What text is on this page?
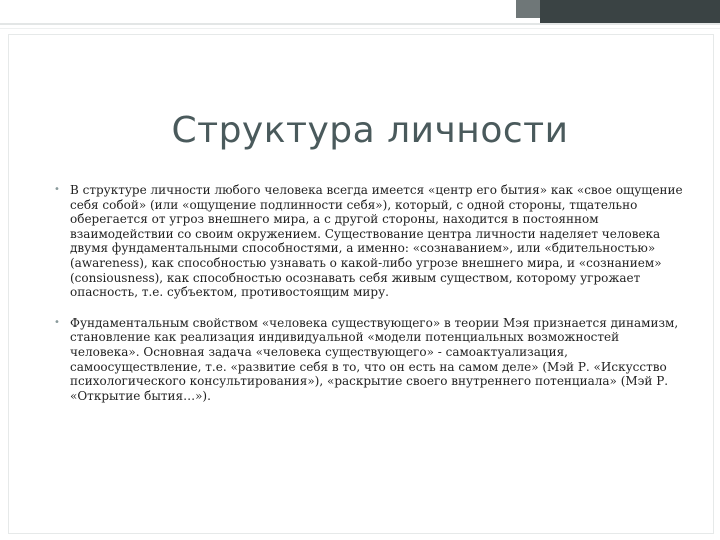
Структура личности

• В структуре личности любого человека всегда имеется «центр его бытия» как «свое ощущение себя собой» (или «ощущение подлинности себя»), который, с одной стороны, тщательно оберегается от угроз внешнего мира, а с другой стороны, находится в постоянном взаимодействии со своим окружением. Существование центра личности наделяет человека двумя фундаментальными способностями, а именно: «сознаванием», или «бдительностью» (awareness), как способностью узнавать о какой-либо угрозе внешнего мира, и «сознанием» (consiousness), как способностью осознавать себя живым существом, которому угрожает опасность, т.е. субъектом, противостоящим миру.

• Фундаментальным свойством «человека существующего» в теории Мэя признается динамизм, становление как реализация индивидуальной «модели потенциальных возможностей человека». Основная задача «человека существующего» - самоактуализация, самоосуществление, т.е. «развитие себя в то, что он есть на самом деле» (Мэй Р. «Искусство психологического консультирования»), «раскрытие своего внутреннего потенциала» (Мэй Р. «Открытие бытия…»).
